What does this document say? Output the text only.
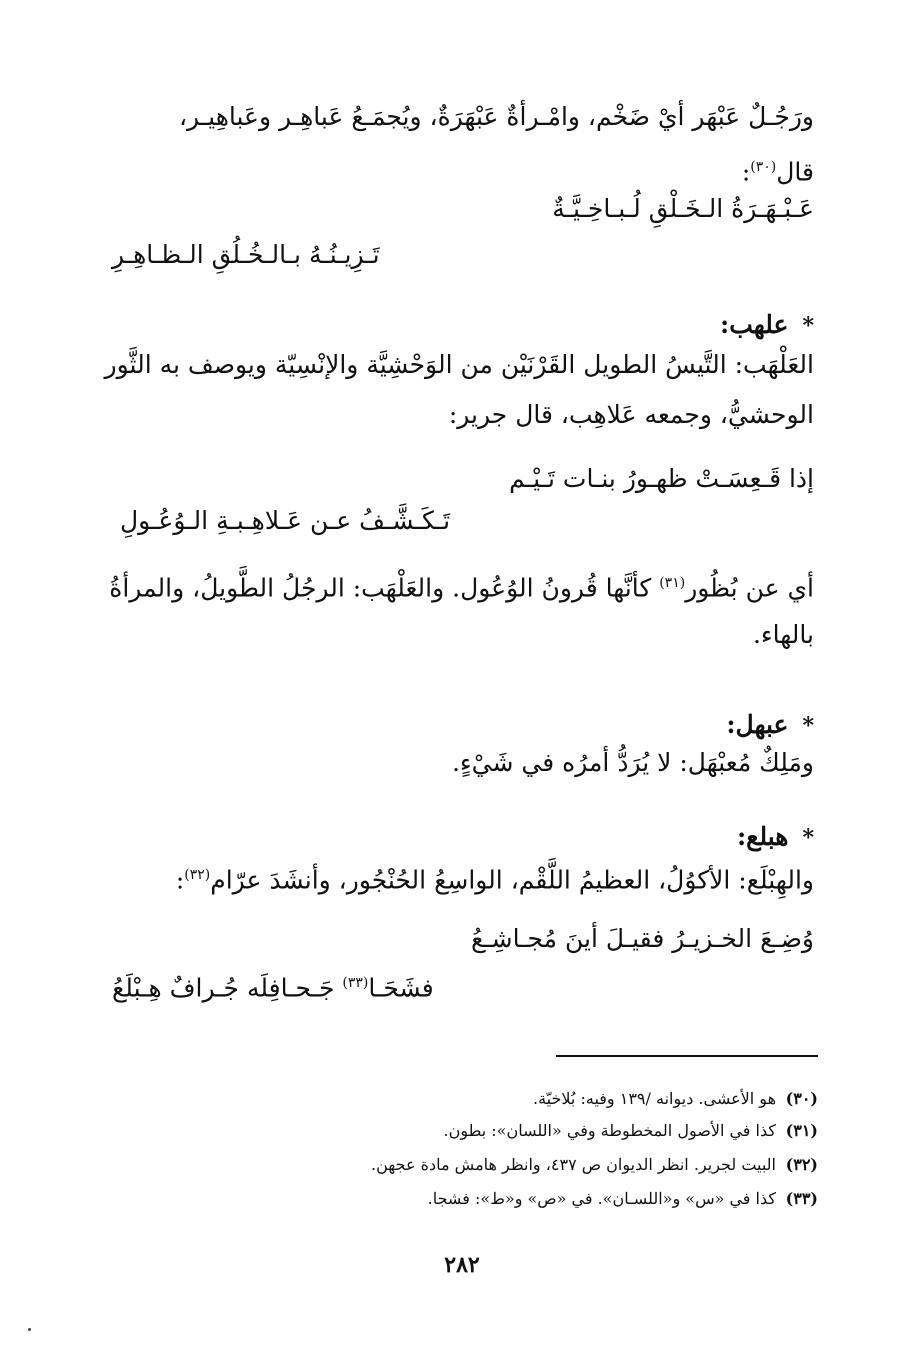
ورَجُـلٌ عَبْهَر أيْ ضَخْم، وامْـرأةٌ عَبْهَرَةٌ، ويُجمَـعُ عَباهِـر وعَباهِيـر،
قال$^{(٣٠)}$:
عَـبْـهَـرَةُ الـخَـلْقِ لُـبـاخِـيَّـةٌ
تَـزِيـنُـهُ بـالـخُـلُقِ الـظـاهِـرِ
*علهب:
العَلْهَب: التَّيسُ الطويل القَرْنَيْن من الوَحْشِيَّة والإنْسِيّة ويوصف به الثَّور
الوحشيُّ، وجمعه عَلاهِب، قال جرير:
إذا قَـعِسَـتْ ظهـورُ بنـات تَـيْـم
تَـكَـشَّـفُ عـن عَـلاهِـبـةِ الـوُعُـولِ
أي عن بُظُور$^{(٣١)}$ كأنَّها قُرونُ الوُعُول. والعَلْهَب: الرجُلُ الطَّويلُ، والمرأةُ
بالهاء.
*عبهل:
ومَلِكٌ مُعبْهَل: لا يُرَدُّ أمرُه في شَيْءٍ.
*هبلع:
والهِبْلَع: الأكوُلُ، العظيمُ اللَّقْم، الواسِعُ الحُنْجُور، وأنشَدَ عرّام$^{(٣٢)}$:
وُضِـعَ الخـزيـرُ فقيـلَ أينَ مُجـاشِـعُ
فشَحَـا$^{(٣٣)}$ جَـحـافِلَه جُـرافٌ هِـبْلَعُ
(٣٠)هو الأعشى. ديوانه /١٣٩ وفيه: بُلاخيّة.
(٣١)كذا في الأصول المخطوطة وفي «اللسان»: بطون.
(٣٢)البيت لجرير. انظر الديوان ص ٤٣٧، وانظر هامش مادة عجهن.
(٣٣)كذا في «س» و«اللسـان». في «ص» و«ط»: فشجا.
٢٨٢
